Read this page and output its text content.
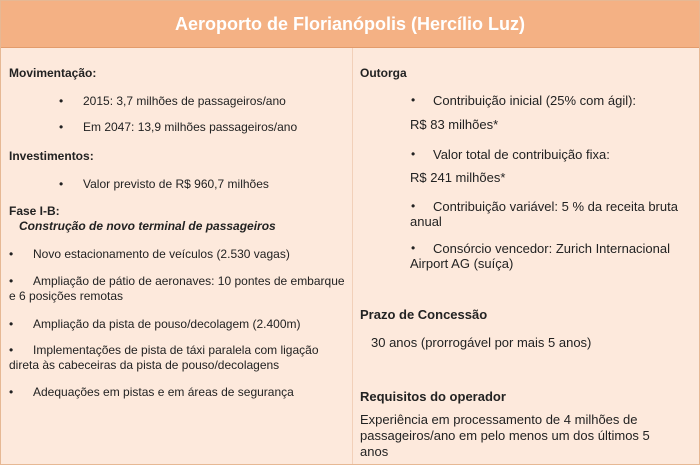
Aeroporto de Florianópolis (Hercílio Luz)
Movimentação:
• 2015: 3,7 milhões de passageiros/ano
• Em 2047: 13,9 milhões passageiros/ano
Investimentos:
• Valor previsto de R$ 960,7 milhões
Fase I-B:
Construção de novo terminal de passageiros
• Novo estacionamento de veículos (2.530 vagas)
•	Ampliação de pátio de aeronaves: 10 pontes de embarque e 6 posições remotas
• Ampliação da pista de pouso/decolagem (2.400m)
•	Implementações de pista de táxi paralela com ligação direta às cabeceiras da pista de pouso/decolagens
• Adequações em pistas e em áreas de segurança
Outorga
• Contribuição inicial (25% com ágil):
R$ 83 milhões*
• Valor total de contribuição fixa:
R$ 241 milhões*
•	Contribuição variável: 5 % da receita bruta anual
•	Consórcio vencedor: Zurich Internacional Airport AG (suíça)
Prazo de Concessão
30 anos (prorrogável por mais 5 anos)
Requisitos do operador
Experiência em processamento de 4 milhões de passageiros/ano em pelo menos um dos últimos 5 anos
